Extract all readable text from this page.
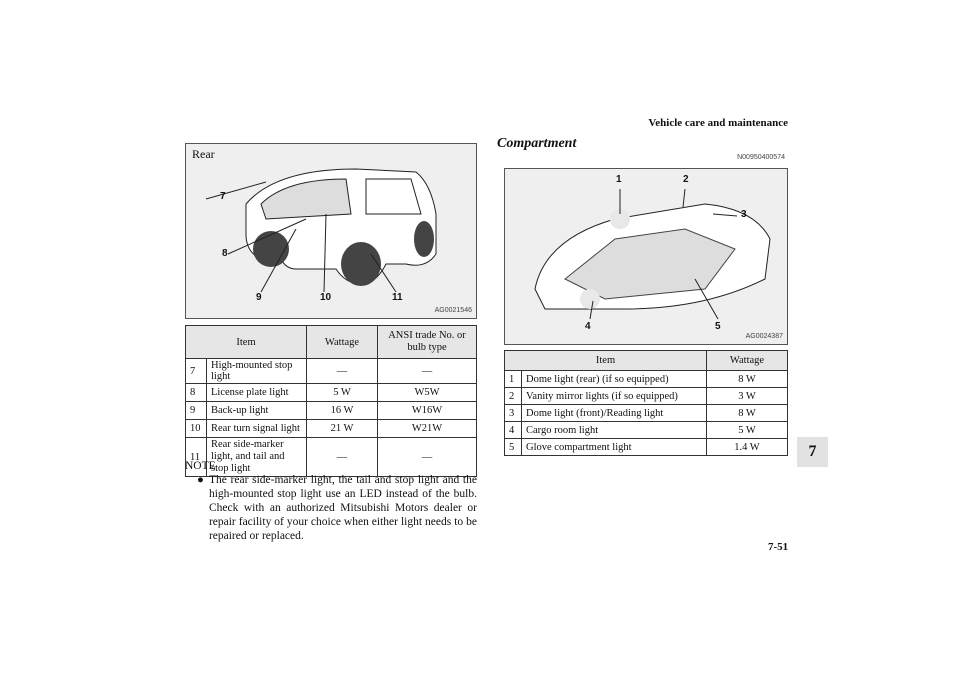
Vehicle care and maintenance
Rear
7
8
9	10	11
AG0021546
Item		Wattage	ANSI trade No. or bulb type
7	High-mounted stop light	—	—
8	License plate light	5 W	W5W
9	Back-up light	16 W	W16W
10	Rear turn signal light	21 W	W21W
11	Rear side-marker light, and tail and stop light	—	—
NOTE
● The rear side-marker light, the tail and stop light and the high-mounted stop light use an LED instead of the bulb. Check with an authorized Mitsubishi Motors dealer or repair facility of your choice when either light needs to be repaired or replaced.
Compartment
N00950400574
1	2
3
4	5
AG0024387
Item		Wattage
1	Dome light (rear) (if so equipped)	8 W
2	Vanity mirror lights (if so equipped)	3 W
3	Dome light (front)/Reading light	8 W
4	Cargo room light	5 W
5	Glove compartment light	1.4 W	7
7-51
